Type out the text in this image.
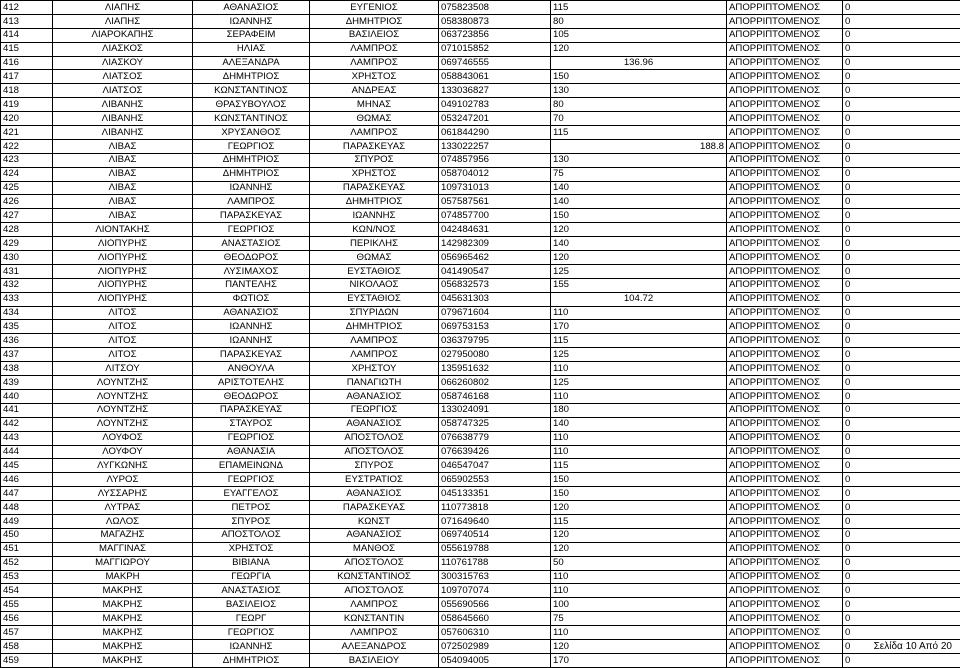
412	ΛΙΑΠΗΣ	ΑΘΑΝΑΣΙΟΣ	ΕΥΓΕΝΙΟΣ	075823508	115	ΑΠΟΡΡΙΠΤΟΜΕΝΟΣ	0
413	ΛΙΑΠΗΣ	ΙΩΑΝΝΗΣ	ΔΗΜΗΤΡΙΟΣ	058380873	80	ΑΠΟΡΡΙΠΤΟΜΕΝΟΣ	0
414	ΛΙΑΡΟΚΑΠΗΣ	ΣΕΡΑΦΕΙΜ	ΒΑΣΙΛΕΙΟΣ	063723856	105	ΑΠΟΡΡΙΠΤΟΜΕΝΟΣ	0
415	ΛΙΑΣΚΟΣ	ΗΛΙΑΣ	ΛΑΜΠΡΟΣ	071015852	120	ΑΠΟΡΡΙΠΤΟΜΕΝΟΣ	0
416	ΛΙΑΣΚΟΥ	ΑΛΕΞΑΝΔΡΑ	ΛΑΜΠΡΟΣ	069746555	136.96	ΑΠΟΡΡΙΠΤΟΜΕΝΟΣ	0
417	ΛΙΑΤΣΟΣ	ΔΗΜΗΤΡΙΟΣ	ΧΡΗΣΤΟΣ	058843061	150	ΑΠΟΡΡΙΠΤΟΜΕΝΟΣ	0
418	ΛΙΑΤΣΟΣ	ΚΩΝΣΤΑΝΤΙΝΟΣ	ΑΝΔΡΕΑΣ	133036827	130	ΑΠΟΡΡΙΠΤΟΜΕΝΟΣ	0
419	ΛΙΒΑΝΗΣ	ΘΡΑΣΥΒΟΥΛΟΣ	ΜΗΝΑΣ	049102783	80	ΑΠΟΡΡΙΠΤΟΜΕΝΟΣ	0
420	ΛΙΒΑΝΗΣ	ΚΩΝΣΤΑΝΤΙΝΟΣ	ΘΩΜΑΣ	053247201	70	ΑΠΟΡΡΙΠΤΟΜΕΝΟΣ	0
421	ΛΙΒΑΝΗΣ	ΧΡΥΣΑΝΘΟΣ	ΛΑΜΠΡΟΣ	061844290	115	ΑΠΟΡΡΙΠΤΟΜΕΝΟΣ	0
422	ΛΙΒΑΣ	ΓΕΩΡΓΙΟΣ	ΠΑΡΑΣΚΕΥΑΣ	133022257	188.8	ΑΠΟΡΡΙΠΤΟΜΕΝΟΣ	0
423	ΛΙΒΑΣ	ΔΗΜΗΤΡΙΟΣ	ΣΠΥΡΟΣ	074857956	130	ΑΠΟΡΡΙΠΤΟΜΕΝΟΣ	0
424	ΛΙΒΑΣ	ΔΗΜΗΤΡΙΟΣ	ΧΡΗΣΤΟΣ	058704012	75	ΑΠΟΡΡΙΠΤΟΜΕΝΟΣ	0
425	ΛΙΒΑΣ	ΙΩΑΝΝΗΣ	ΠΑΡΑΣΚΕΥΑΣ	109731013	140	ΑΠΟΡΡΙΠΤΟΜΕΝΟΣ	0
426	ΛΙΒΑΣ	ΛΑΜΠΡΟΣ	ΔΗΜΗΤΡΙΟΣ	057587561	140	ΑΠΟΡΡΙΠΤΟΜΕΝΟΣ	0
427	ΛΙΒΑΣ	ΠΑΡΑΣΚΕΥΑΣ	ΙΩΑΝΝΗΣ	074857700	150	ΑΠΟΡΡΙΠΤΟΜΕΝΟΣ	0
428	ΛΙΟΝΤΑΚΗΣ	ΓΕΩΡΓΙΟΣ	ΚΩΝ/ΝΟΣ	042484631	120	ΑΠΟΡΡΙΠΤΟΜΕΝΟΣ	0
429	ΛΙΟΠΥΡΗΣ	ΑΝΑΣΤΑΣΙΟΣ	ΠΕΡΙΚΛΗΣ	142982309	140	ΑΠΟΡΡΙΠΤΟΜΕΝΟΣ	0
430	ΛΙΟΠΥΡΗΣ	ΘΕΟΔΩΡΟΣ	ΘΩΜΑΣ	056965462	120	ΑΠΟΡΡΙΠΤΟΜΕΝΟΣ	0
431	ΛΙΟΠΥΡΗΣ	ΛΥΣΙΜΑΧΟΣ	ΕΥΣΤΑΘΙΟΣ	041490547	125	ΑΠΟΡΡΙΠΤΟΜΕΝΟΣ	0
432	ΛΙΟΠΥΡΗΣ	ΠΑΝΤΕΛΗΣ	ΝΙΚΟΛΑΟΣ	056832573	155	ΑΠΟΡΡΙΠΤΟΜΕΝΟΣ	0
433	ΛΙΟΠΥΡΗΣ	ΦΩΤΙΟΣ	ΕΥΣΤΑΘΙΟΣ	045631303	104.72	ΑΠΟΡΡΙΠΤΟΜΕΝΟΣ	0
434	ΛΙΤΟΣ	ΑΘΑΝΑΣΙΟΣ	ΣΠΥΡΙΔΩΝ	079671604	110	ΑΠΟΡΡΙΠΤΟΜΕΝΟΣ	0
435	ΛΙΤΟΣ	ΙΩΑΝΝΗΣ	ΔΗΜΗΤΡΙΟΣ	069753153	170	ΑΠΟΡΡΙΠΤΟΜΕΝΟΣ	0
436	ΛΙΤΟΣ	ΙΩΑΝΝΗΣ	ΛΑΜΠΡΟΣ	036379795	115	ΑΠΟΡΡΙΠΤΟΜΕΝΟΣ	0
437	ΛΙΤΟΣ	ΠΑΡΑΣΚΕΥΑΣ	ΛΑΜΠΡΟΣ	027950080	125	ΑΠΟΡΡΙΠΤΟΜΕΝΟΣ	0
438	ΛΙΤΣΟΥ	ΑΝΘΟΥΛΑ	ΧΡΗΣΤΟΥ	135951632	110	ΑΠΟΡΡΙΠΤΟΜΕΝΟΣ	0
439	ΛΟΥΝΤΖΗΣ	ΑΡΙΣΤΟΤΕΛΗΣ	ΠΑΝΑΓΙΩΤΗ	066260802	125	ΑΠΟΡΡΙΠΤΟΜΕΝΟΣ	0
440	ΛΟΥΝΤΖΗΣ	ΘΕΟΔΩΡΟΣ	ΑΘΑΝΑΣΙΟΣ	058746168	110	ΑΠΟΡΡΙΠΤΟΜΕΝΟΣ	0
441	ΛΟΥΝΤΖΗΣ	ΠΑΡΑΣΚΕΥΑΣ	ΓΕΩΡΓΙΟΣ	133024091	180	ΑΠΟΡΡΙΠΤΟΜΕΝΟΣ	0
442	ΛΟΥΝΤΖΗΣ	ΣΤΑΥΡΟΣ	ΑΘΑΝΑΣΙΟΣ	058747325	140	ΑΠΟΡΡΙΠΤΟΜΕΝΟΣ	0
443	ΛΟΥΦΟΣ	ΓΕΩΡΓΙΟΣ	ΑΠΟΣΤΟΛΟΣ	076638779	110	ΑΠΟΡΡΙΠΤΟΜΕΝΟΣ	0
444	ΛΟΥΦΟΥ	ΑΘΑΝΑΣΙΑ	ΑΠΟΣΤΟΛΟΣ	076639426	110	ΑΠΟΡΡΙΠΤΟΜΕΝΟΣ	0
445	ΛΥΓΚΩΝΗΣ	ΕΠΑΜΕΙΝΩΝΔ	ΣΠΥΡΟΣ	046547047	115	ΑΠΟΡΡΙΠΤΟΜΕΝΟΣ	0
446	ΛΥΡΟΣ	ΓΕΩΡΓΙΟΣ	ΕΥΣΤΡΑΤΙΟΣ	065902553	150	ΑΠΟΡΡΙΠΤΟΜΕΝΟΣ	0
447	ΛΥΣΣΑΡΗΣ	ΕΥΑΓΓΕΛΟΣ	ΑΘΑΝΑΣΙΟΣ	045133351	150	ΑΠΟΡΡΙΠΤΟΜΕΝΟΣ	0
448	ΛΥΤΡΑΣ	ΠΕΤΡΟΣ	ΠΑΡΑΣΚΕΥΑΣ	110773818	120	ΑΠΟΡΡΙΠΤΟΜΕΝΟΣ	0
449	ΛΩΛΟΣ	ΣΠΥΡΟΣ	ΚΩΝΣΤ	071649640	115	ΑΠΟΡΡΙΠΤΟΜΕΝΟΣ	0
450	ΜΑΓΑΖΗΣ	ΑΠΟΣΤΟΛΟΣ	ΑΘΑΝΑΣΙΟΣ	069740514	120	ΑΠΟΡΡΙΠΤΟΜΕΝΟΣ	0
451	ΜΑΓΓΙΝΑΣ	ΧΡΗΣΤΟΣ	ΜΑΝΘΟΣ	055619788	120	ΑΠΟΡΡΙΠΤΟΜΕΝΟΣ	0
452	ΜΑΓΓΙΩΡΟΥ	ΒΙΒΙΑΝΑ	ΑΠΟΣΤΟΛΟΣ	110761788	50	ΑΠΟΡΡΙΠΤΟΜΕΝΟΣ	0
453	ΜΑΚΡΗ	ΓΕΩΡΓΙΑ	ΚΩΝΣΤΑΝΤΙΝΟΣ	300315763	110	ΑΠΟΡΡΙΠΤΟΜΕΝΟΣ	0
454	ΜΑΚΡΗΣ	ΑΝΑΣΤΑΣΙΟΣ	ΑΠΟΣΤΟΛΟΣ	109707074	110	ΑΠΟΡΡΙΠΤΟΜΕΝΟΣ	0
455	ΜΑΚΡΗΣ	ΒΑΣΙΛΕΙΟΣ	ΛΑΜΠΡΟΣ	055690566	100	ΑΠΟΡΡΙΠΤΟΜΕΝΟΣ	0
456	ΜΑΚΡΗΣ	ΓΕΩΡΓ	ΚΩΝΣΤΑΝΤΙΝ	058645660	75	ΑΠΟΡΡΙΠΤΟΜΕΝΟΣ	0
457	ΜΑΚΡΗΣ	ΓΕΩΡΓΙΟΣ	ΛΑΜΠΡΟΣ	057606310	110	ΑΠΟΡΡΙΠΤΟΜΕΝΟΣ	0
458	ΜΑΚΡΗΣ	ΙΩΑΝΝΗΣ	ΑΛΕΞΑΝΔΡΟΣ	072502989	120	ΑΠΟΡΡΙΠΤΟΜΕΝΟΣ	0
459	ΜΑΚΡΗΣ	ΔΗΜΗΤΡΙΟΣ	ΒΑΣΙΛΕΙΟΥ	054094005	170	ΑΠΟΡΡΙΠΤΟΜΕΝΟΣ	0
Σελίδα 10 Από 20
